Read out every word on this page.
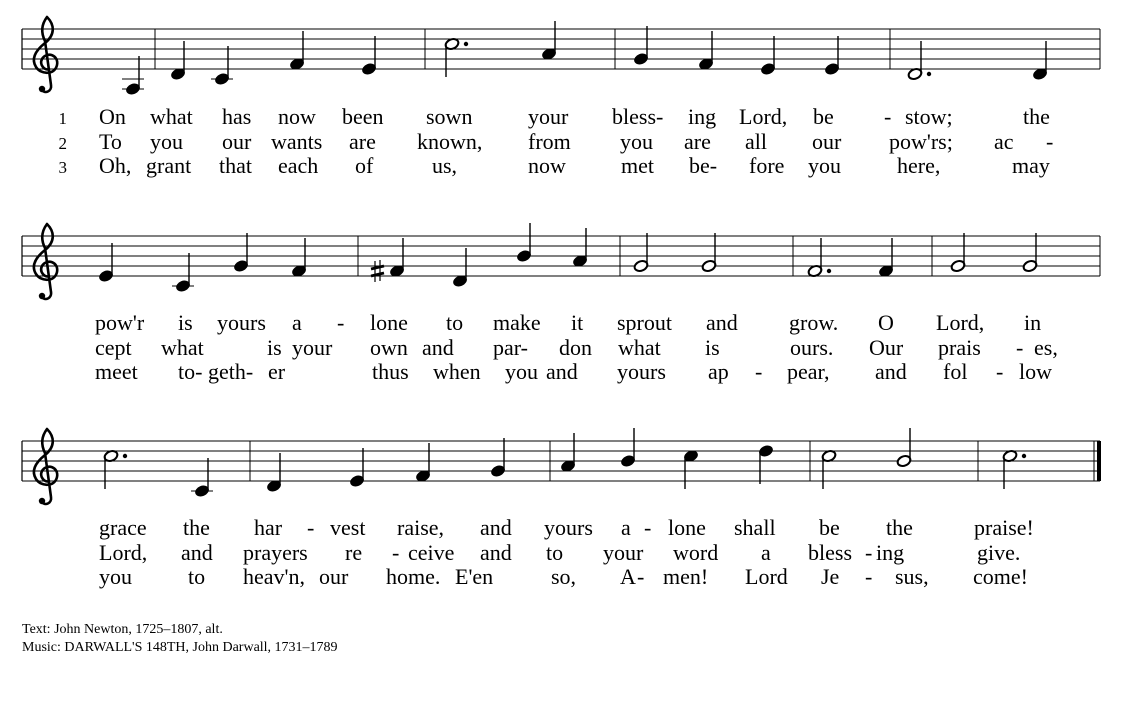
1 On what has now been sown	your bless- ing Lord, be - stow;	the
2 To you our wants are known, from you are all our pow'rs; ac -
3 Oh, grant that each of	us,	now	met be- fore you	here,	may
pow'r is yours a - lone to make it sprout and grow. O Lord, in
cept what	is your own and par- don what is	ours. Our prais - es,
meet to- geth- er	thus when you and yours ap - pear, and fol - low
grace the har - vest raise, and yours a - lone shall be the	praise!
Lord, and prayers re - ceive and to your word a bless - ing	give.
you	to heav'n, our home. E'en	so, A - men! Lord Je - sus, come!
Text: John Newton, 1725–1807, alt.
Music: DARWALL'S 148TH, John Darwall, 1731–1789
